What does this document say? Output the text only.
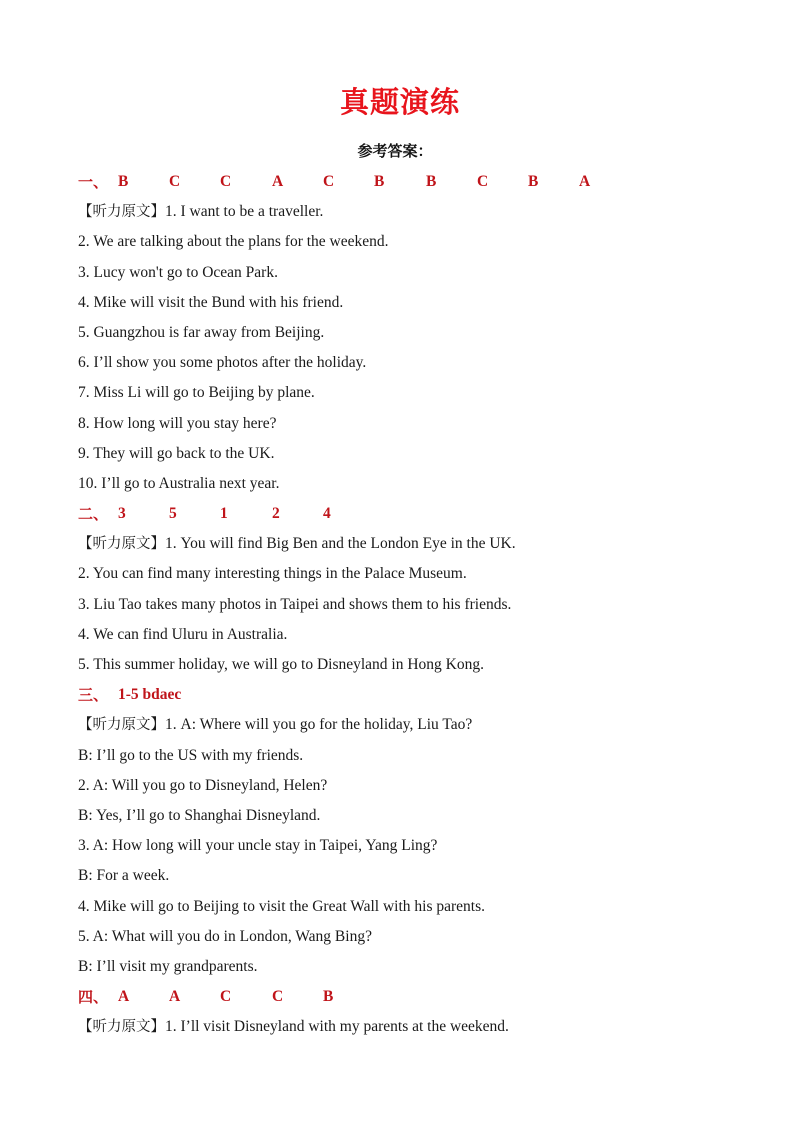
真题演练
参考答案：
一、 B	C	C	A	C	B	B	C	B	A
【听力原文】1. I want to be a traveller.
2. We are talking about the plans for the weekend.
3. Lucy won't go to Ocean Park.
4. Mike will visit the Bund with his friend.
5. Guangzhou is far away from Beijing.
6. I’ll show you some photos after the holiday.
7. Miss Li will go to Beijing by plane.
8. How long will you stay here?
9. They will go back to the UK.
10. I’ll go to Australia next year.
二、 3	5	1	2	4
【听力原文】1. You will find Big Ben and the London Eye in the UK.
2. You can find many interesting things in the Palace Museum.
3. Liu Tao takes many photos in Taipei and shows them to his friends.
4. We can find Uluru in Australia.
5. This summer holiday, we will go to Disneyland in Hong Kong.
三、 1-5 bdaec
【听力原文】1. A: Where will you go for the holiday, Liu Tao?
B: I’ll go to the US with my friends.
2. A: Will you go to Disneyland, Helen?
B: Yes, I’ll go to Shanghai Disneyland.
3. A: How long will your uncle stay in Taipei, Yang Ling?
B: For a week.
4. Mike will go to Beijing to visit the Great Wall with his parents.
5. A: What will you do in London, Wang Bing?
B: I’ll visit my grandparents.
四、 A	A	C	C	B
【听力原文】1. I’ll visit Disneyland with my parents at the weekend.
